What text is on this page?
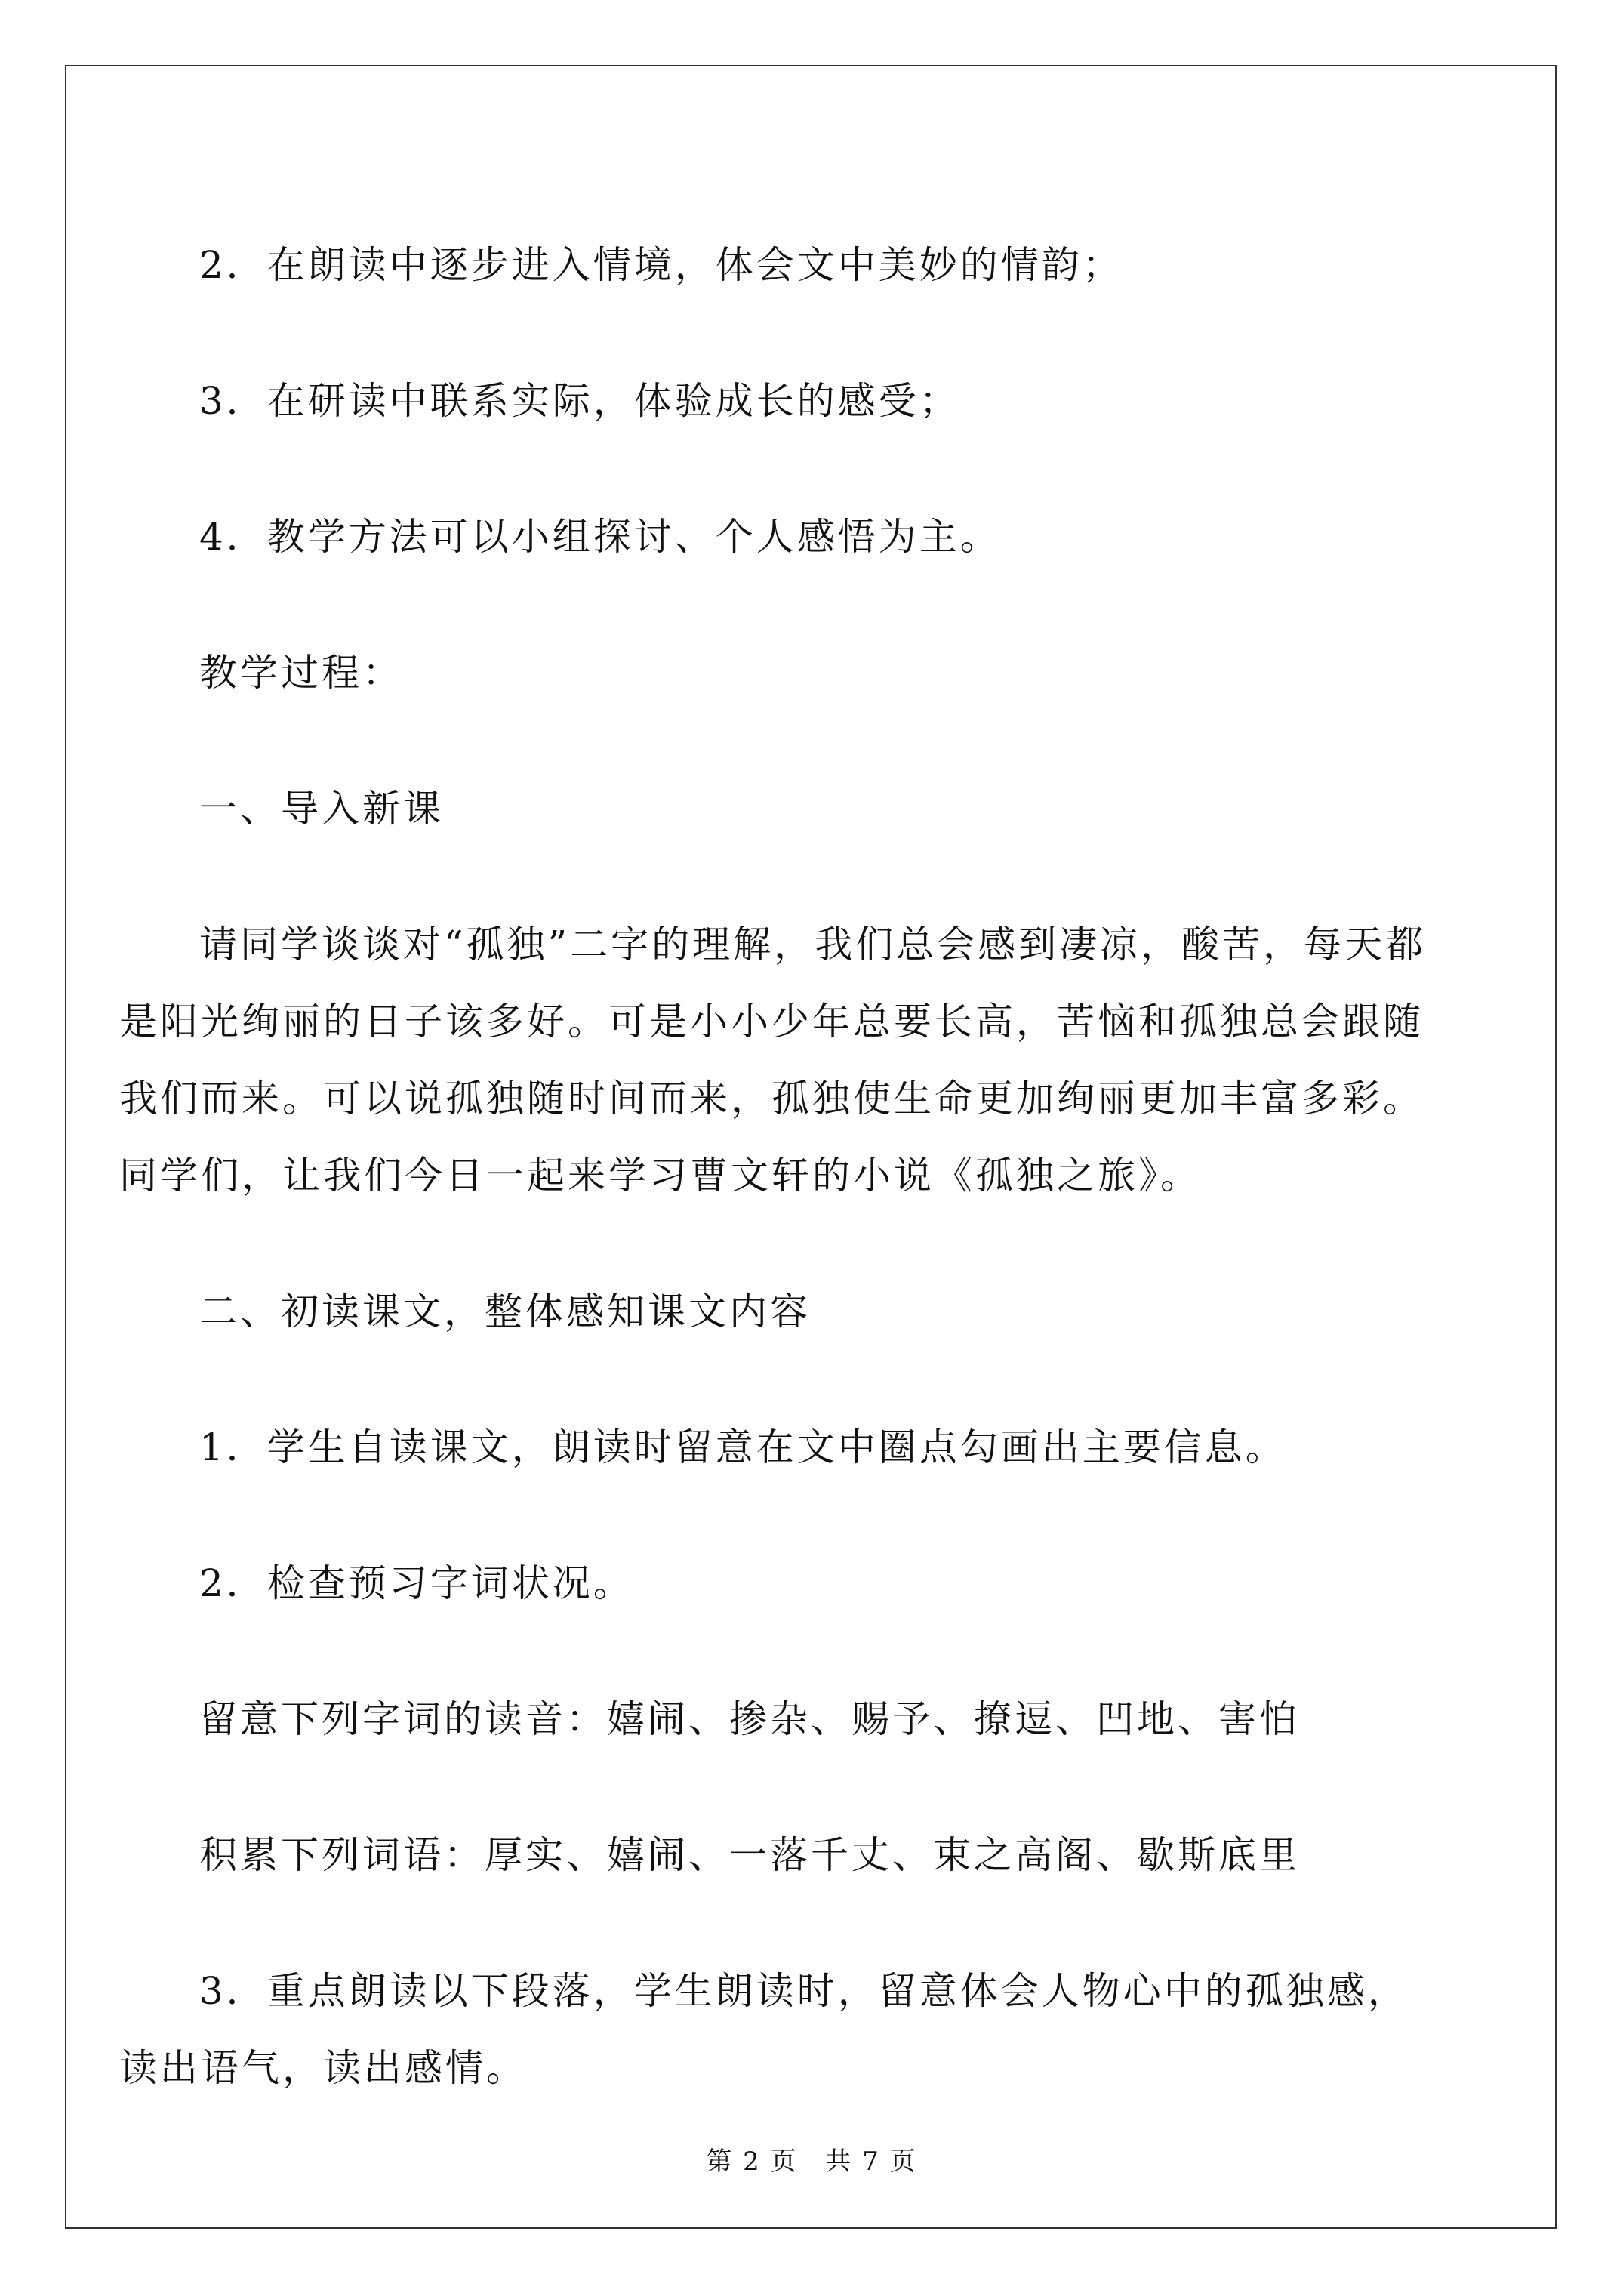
2．在朗读中逐步进入情境，体会文中美妙的情韵；

3．在研读中联系实际，体验成长的感受；

4．教学方法可以小组探讨、个人感悟为主。

教学过程：

一、导入新课

请同学谈谈对“孤独”二字的理解，我们总会感到凄凉，酸苦，每天都是阳光绚丽的日子该多好。可是小小少年总要长高，苦恼和孤独总会跟随我们而来。可以说孤独随时间而来，孤独使生命更加绚丽更加丰富多彩。同学们，让我们今日一起来学习曹文轩的小说《孤独之旅》。

二、初读课文，整体感知课文内容

1．学生自读课文，朗读时留意在文中圈点勾画出主要信息。

2．检查预习字词状况。

留意下列字词的读音：嬉闹、掺杂、赐予、撩逗、凹地、害怕

积累下列词语：厚实、嬉闹、一落千丈、束之高阁、歇斯底里

3．重点朗读以下段落，学生朗读时，留意体会人物心中的孤独感，读出语气，读出感情。

第 2 页 共 7 页
